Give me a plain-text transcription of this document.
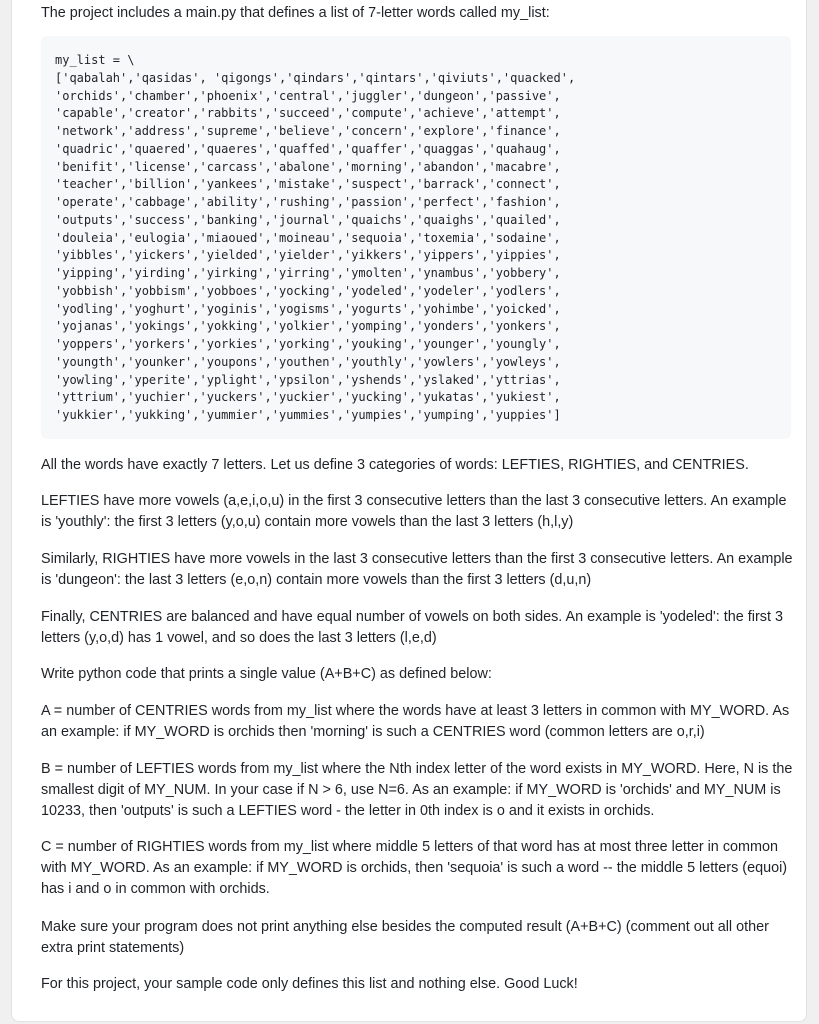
The project includes a main.py that defines a list of 7-letter words called my_list:

my_list = \
['qabalah','qasidas', 'qigongs','qindars','qintars','qiviuts','quacked',
'orchids','chamber','phoenix','central','juggler','dungeon','passive',
'capable','creator','rabbits','succeed','compute','achieve','attempt',
'network','address','supreme','believe','concern','explore','finance',
'quadric','quaered','quaeres','quaffed','quaffer','quaggas','quahaug',
'benifit','license','carcass','abalone','morning','abandon','macabre',
'teacher','billion','yankees','mistake','suspect','barrack','connect',
'operate','cabbage','ability','rushing','passion','perfect','fashion',
'outputs','success','banking','journal','quaichs','quaighs','quailed',
'douleia','eulogia','miaoued','moineau','sequoia','toxemia','sodaine',
'yibbles','yickers','yielded','yielder','yikkers','yippers','yippies',
'yipping','yirding','yirking','yirring','ymolten','ynambus','yobbery',
'yobbish','yobbism','yobboes','yocking','yodeled','yodeler','yodlers',
'yodling','yoghurt','yoginis','yogisms','yogurts','yohimbe','yoicked',
'yojanas','yokings','yokking','yolkier','yomping','yonders','yonkers',
'yoppers','yorkers','yorkies','yorking','youking','younger','youngly',
'youngth','younker','youpons','youthen','youthly','yowlers','yowleys',
'yowling','yperite','yplight','ypsilon','yshends','yslaked','yttrias',
'yttrium','yuchier','yuckers','yuckier','yucking','yukatas','yukiest',
'yukkier','yukking','yummier','yummies','yumpies','yumping','yuppies']

All the words have exactly 7 letters. Let us define 3 categories of words: LEFTIES, RIGHTIES, and CENTRIES.

LEFTIES have more vowels (a,e,i,o,u) in the first 3 consecutive letters than the last 3 consecutive letters. An example is 'youthly': the first 3 letters (y,o,u) contain more vowels than the last 3 letters (h,l,y)

Similarly, RIGHTIES have more vowels in the last 3 consecutive letters than the first 3 consecutive letters. An example is 'dungeon': the last 3 letters (e,o,n) contain more vowels than the first 3 letters (d,u,n)

Finally, CENTRIES are balanced and have equal number of vowels on both sides. An example is 'yodeled': the first 3 letters (y,o,d) has 1 vowel, and so does the last 3 letters (l,e,d)

Write python code that prints a single value (A+B+C) as defined below:

A = number of CENTRIES words from my_list where the words have at least 3 letters in common with MY_WORD. As an example: if MY_WORD is orchids then 'morning' is such a CENTRIES word (common letters are o,r,i)

B = number of LEFTIES words from my_list where the Nth index letter of the word exists in MY_WORD. Here, N is the smallest digit of MY_NUM. In your case if N > 6, use N=6. As an example: if MY_WORD is 'orchids' and MY_NUM is 10233, then 'outputs' is such a LEFTIES word - the letter in 0th index is o and it exists in orchids.

C = number of RIGHTIES words from my_list where middle 5 letters of that word has at most three letter in common with MY_WORD. As an example: if MY_WORD is orchids, then 'sequoia' is such a word -- the middle 5 letters (equoi) has i and o in common with orchids.

Make sure your program does not print anything else besides the computed result (A+B+C) (comment out all other extra print statements)

For this project, your sample code only defines this list and nothing else. Good Luck!
